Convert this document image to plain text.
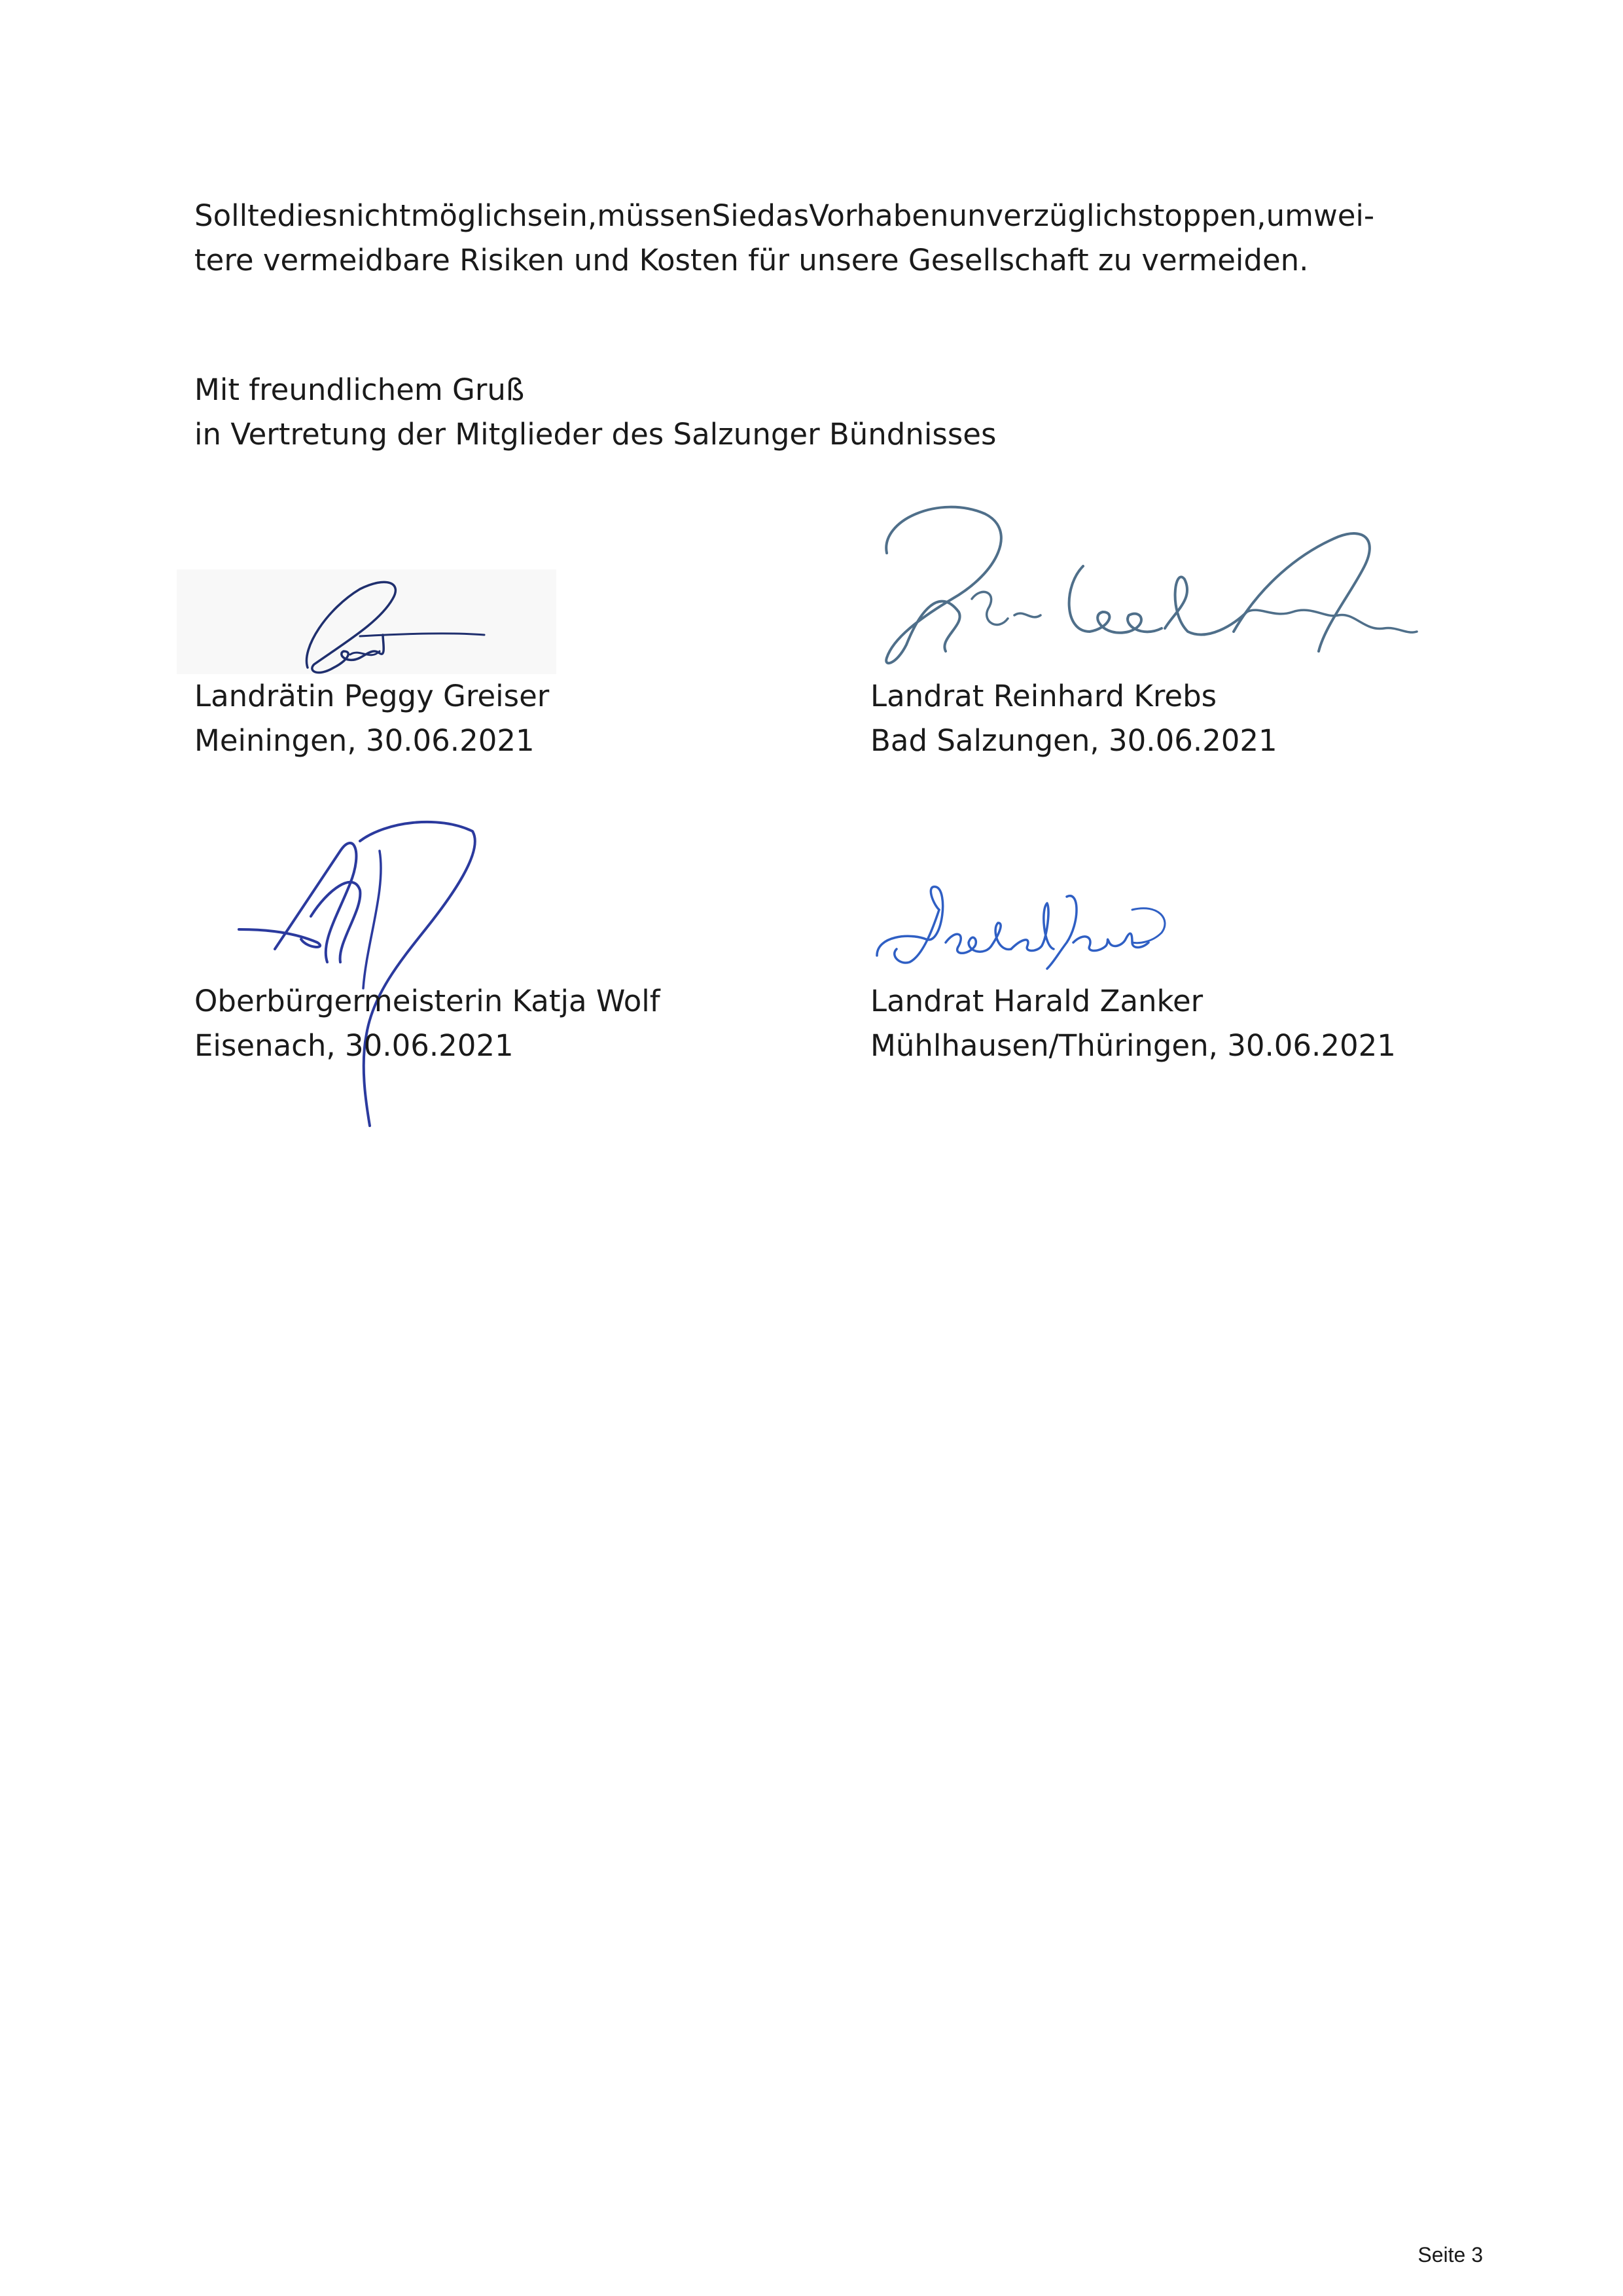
Solltediesnichtmöglichsein,müssenSiedasVorhabenunverzüglichstoppen,umwei-
tere vermeidbare Risiken und Kosten für unsere Gesellschaft zu vermeiden.

Mit freundlichem Gruß
in Vertretung der Mitglieder des Salzunger Bündnisses

Landrätin Peggy Greiser
Meiningen, 30.06.2021
Landrat Reinhard Krebs
Bad Salzungen, 30.06.2021
Oberbürgermeisterin Katja Wolf
Eisenach, 30.06.2021
Landrat Harald Zanker
Mühlhausen/Thüringen, 30.06.2021
Seite 3
